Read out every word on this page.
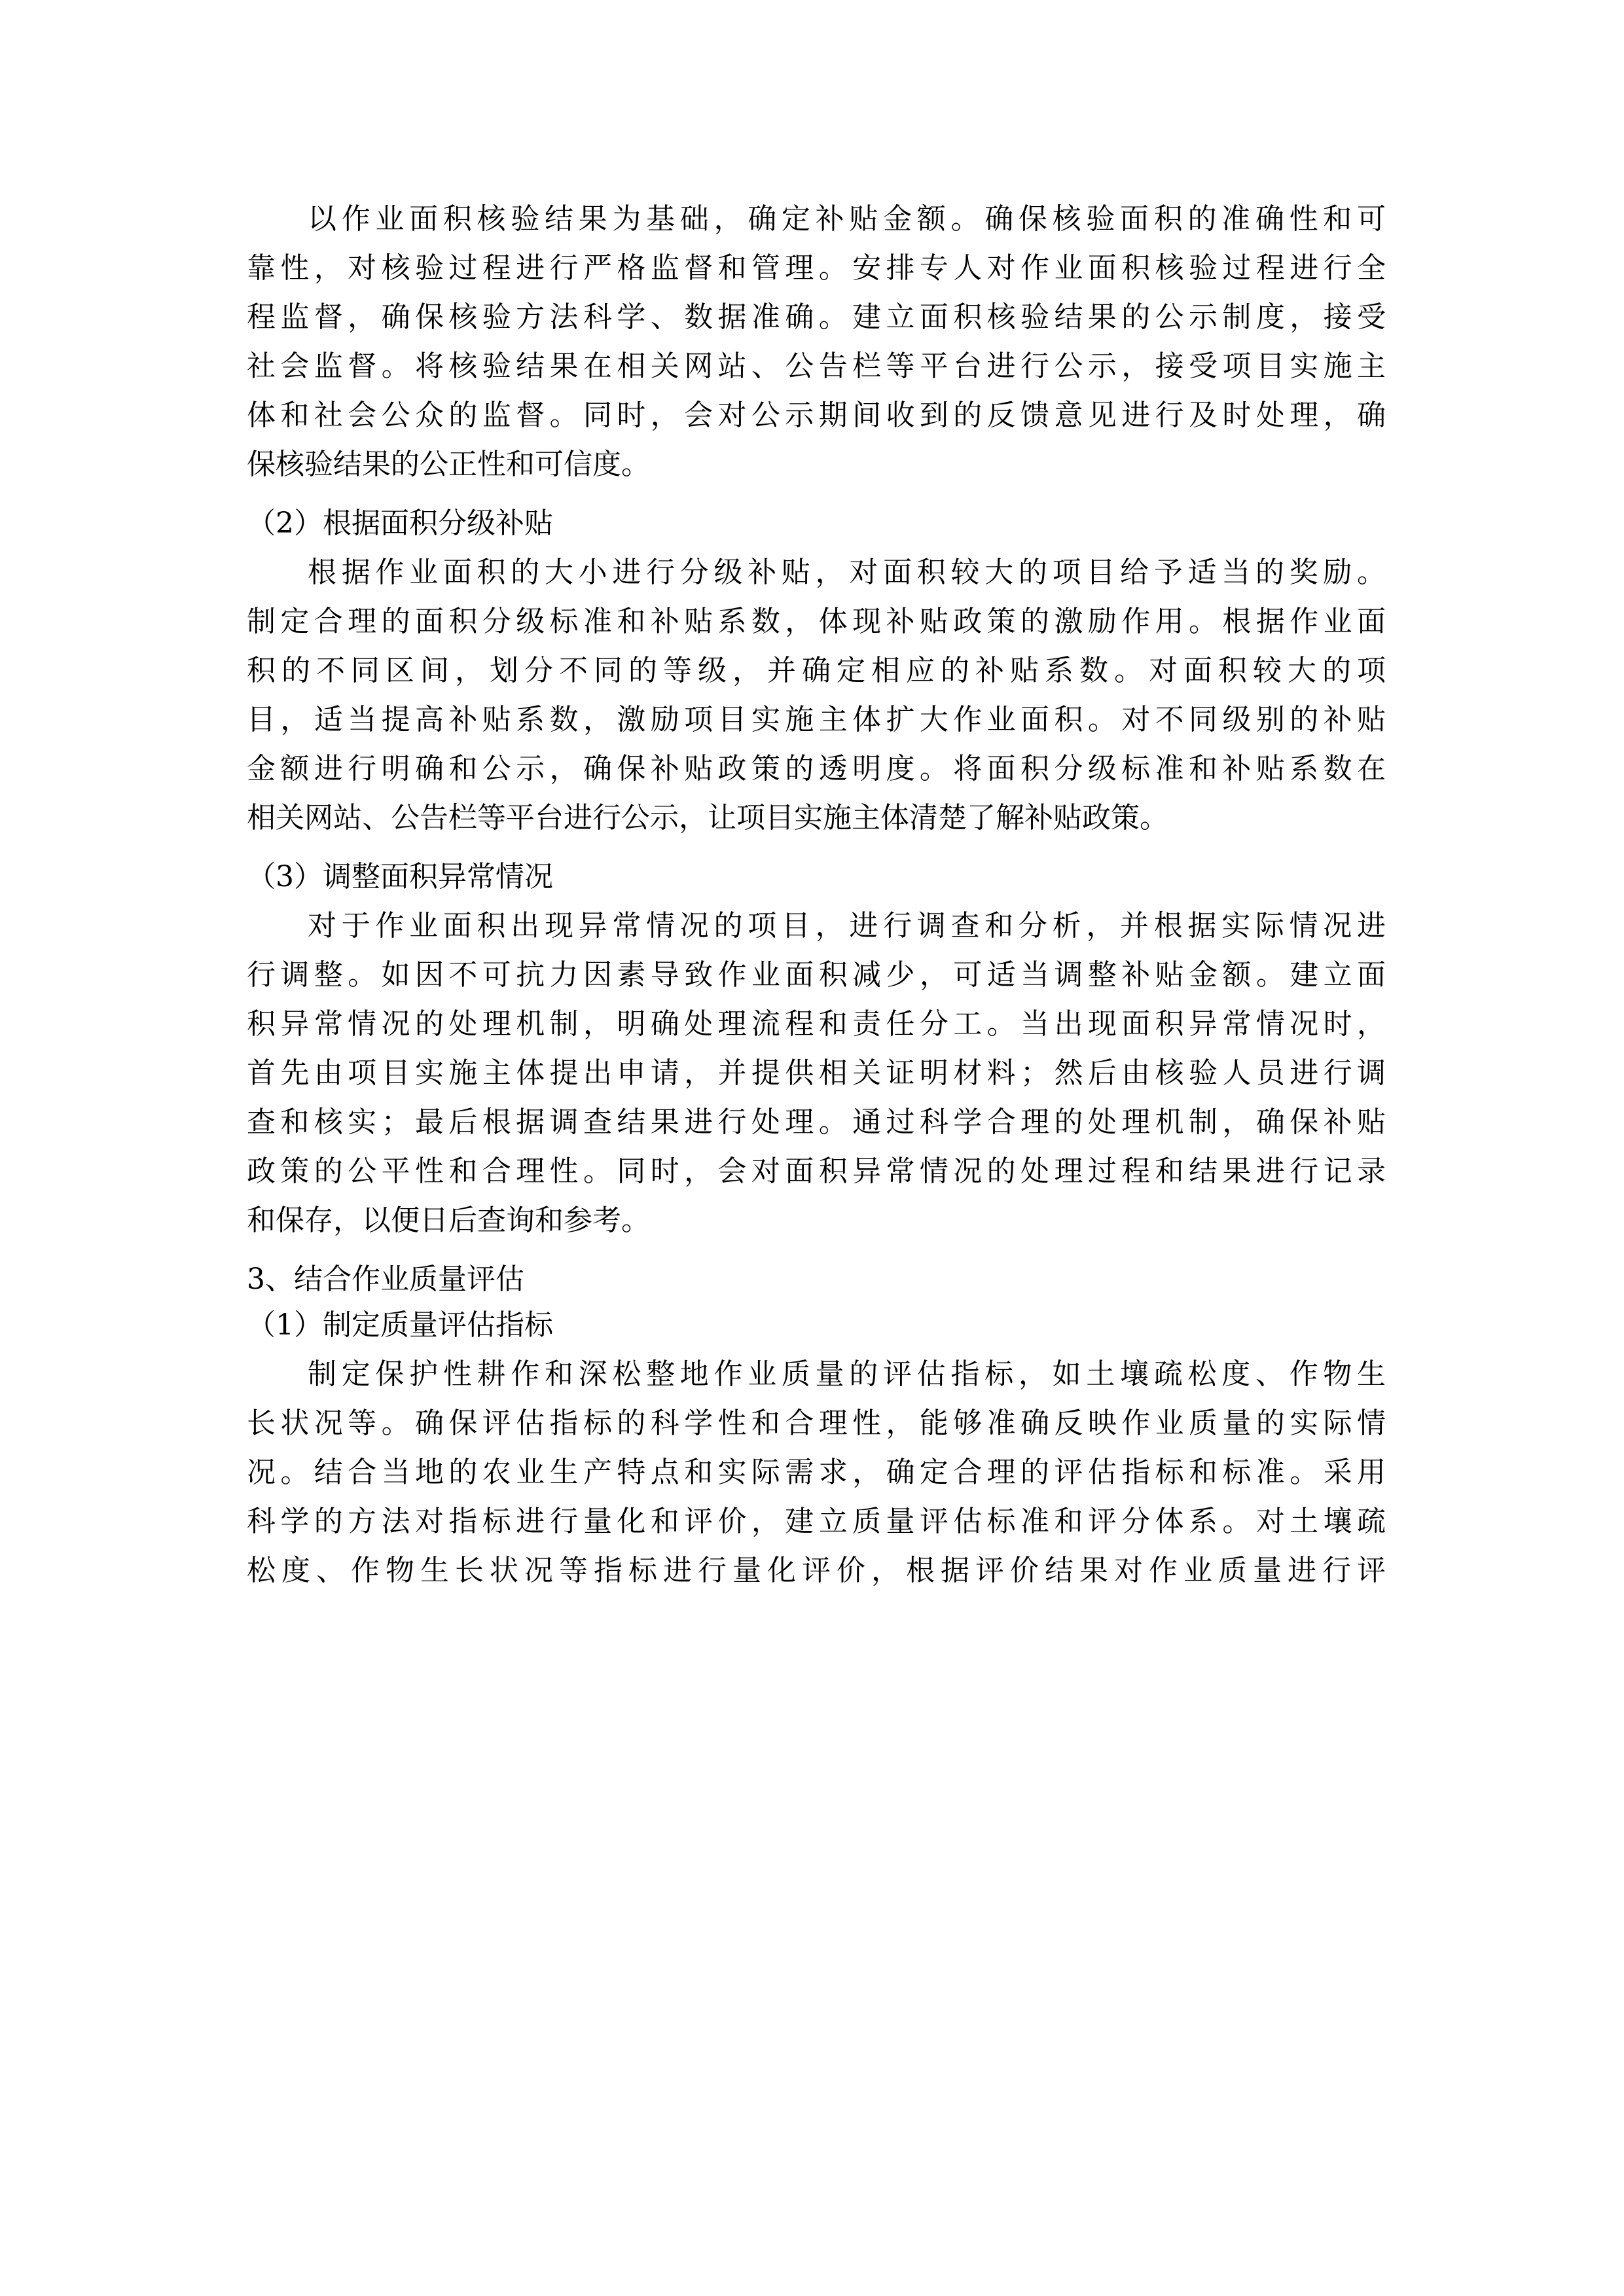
以作业面积核验结果为基础，确定补贴金额。确保核验面积的准确性和可

靠性，对核验过程进行严格监督和管理。安排专人对作业面积核验过程进行全

程监督，确保核验方法科学、数据准确。建立面积核验结果的公示制度，接受

社会监督。将核验结果在相关网站、公告栏等平台进行公示，接受项目实施主

体和社会公众的监督。同时，会对公示期间收到的反馈意见进行及时处理，确

保核验结果的公正性和可信度。

（2）根据面积分级补贴

根据作业面积的大小进行分级补贴，对面积较大的项目给予适当的奖励。

制定合理的面积分级标准和补贴系数，体现补贴政策的激励作用。根据作业面

积的不同区间，划分不同的等级，并确定相应的补贴系数。对面积较大的项

目，适当提高补贴系数，激励项目实施主体扩大作业面积。对不同级别的补贴

金额进行明确和公示，确保补贴政策的透明度。将面积分级标准和补贴系数在

相关网站、公告栏等平台进行公示，让项目实施主体清楚了解补贴政策。

（3）调整面积异常情况

对于作业面积出现异常情况的项目，进行调查和分析，并根据实际情况进

行调整。如因不可抗力因素导致作业面积减少，可适当调整补贴金额。建立面

积异常情况的处理机制，明确处理流程和责任分工。当出现面积异常情况时，

首先由项目实施主体提出申请，并提供相关证明材料；然后由核验人员进行调

查和核实；最后根据调查结果进行处理。通过科学合理的处理机制，确保补贴

政策的公平性和合理性。同时，会对面积异常情况的处理过程和结果进行记录

和保存，以便日后查询和参考。

3、结合作业质量评估

（1）制定质量评估指标

制定保护性耕作和深松整地作业质量的评估指标，如土壤疏松度、作物生

长状况等。确保评估指标的科学性和合理性，能够准确反映作业质量的实际情

况。结合当地的农业生产特点和实际需求，确定合理的评估指标和标准。采用

科学的方法对指标进行量化和评价，建立质量评估标准和评分体系。对土壤疏

松度、作物生长状况等指标进行量化评价，根据评价结果对作业质量进行评
